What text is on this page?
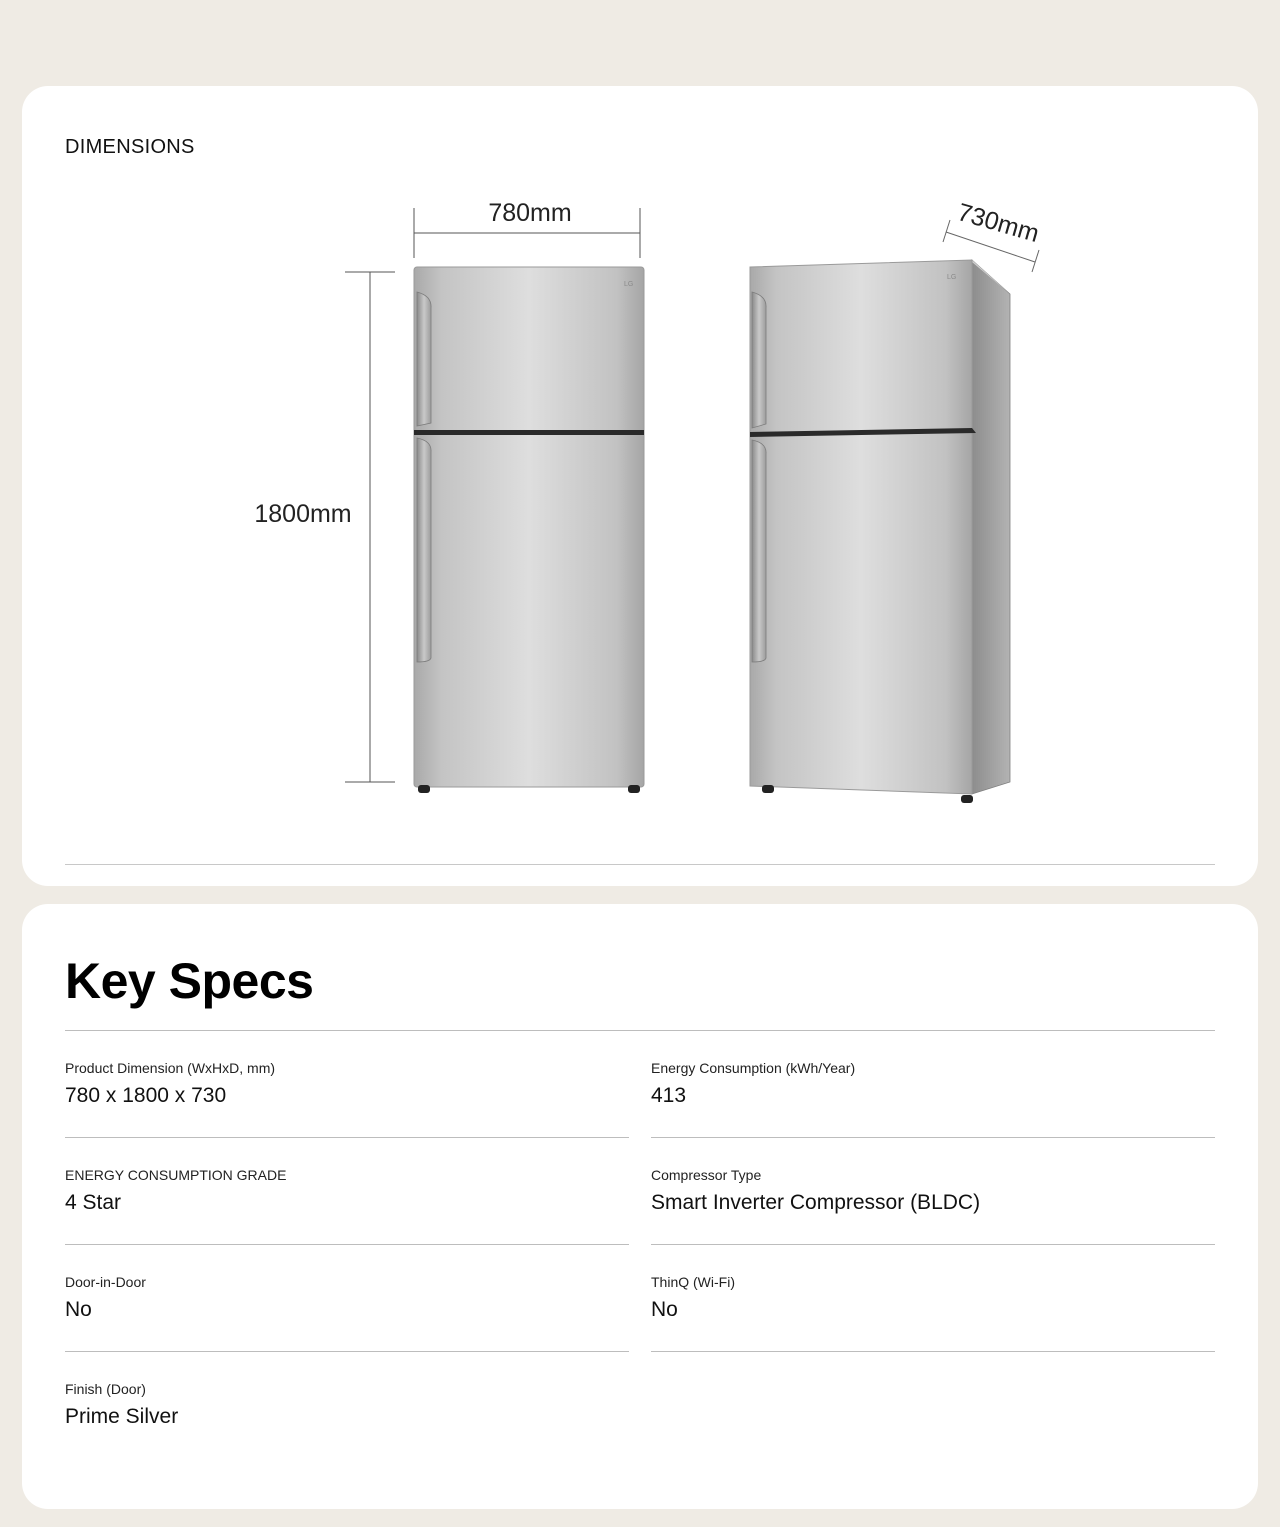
DIMENSIONS
780mm
1800mm
730mm
LG
LG
Key Specs
Product Dimension (WxHxD, mm)
780 x 1800 x 730
Energy Consumption (kWh/Year)
413
ENERGY CONSUMPTION GRADE
4 Star
Compressor Type
Smart Inverter Compressor (BLDC)
Door-in-Door
No
ThinQ (Wi-Fi)
No
Finish (Door)
Prime Silver
